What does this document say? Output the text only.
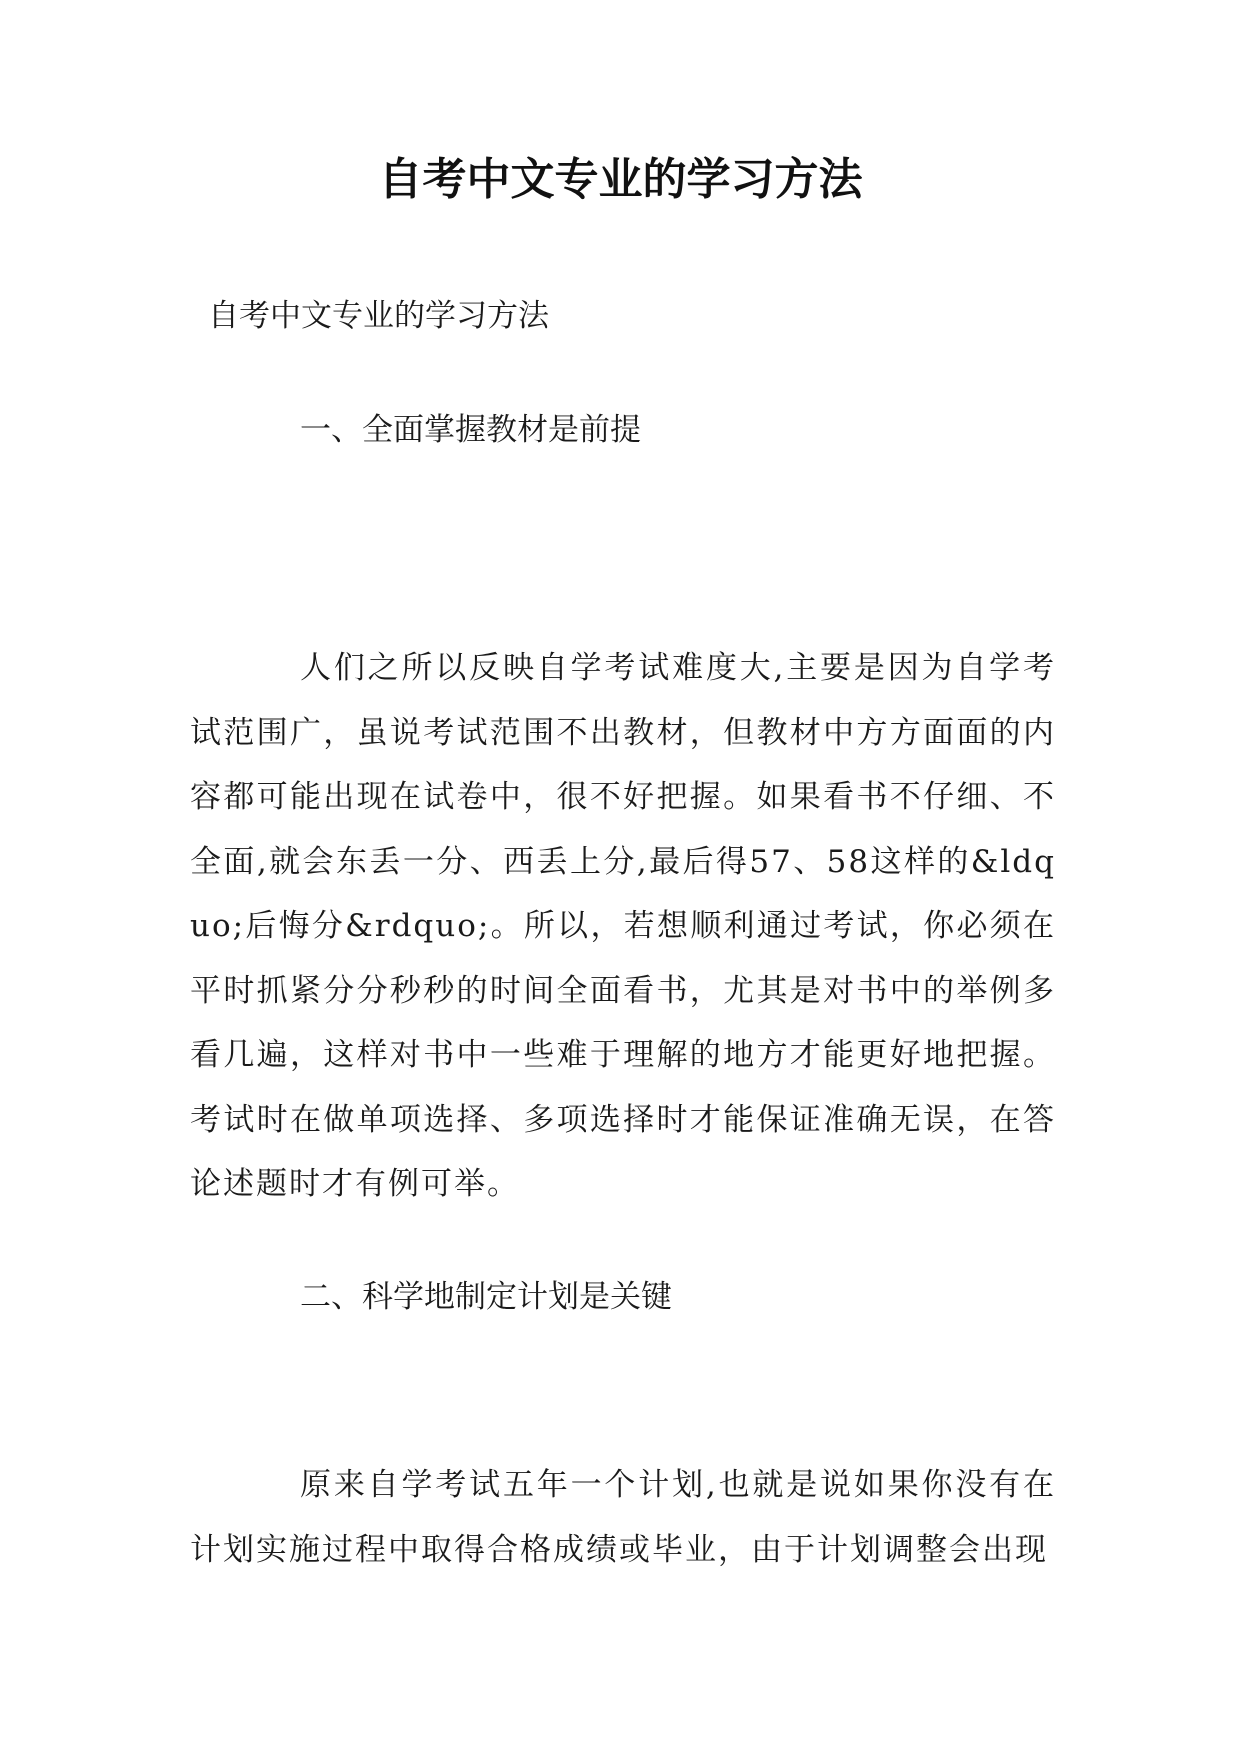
自考中文专业的学习方法

自考中文专业的学习方法

一、全面掌握教材是前提

人们之所以反映自学考试难度大,主要是因为自学考试范围广，虽说考试范围不出教材，但教材中方方面面的内容都可能出现在试卷中，很不好把握。如果看书不仔细、不全面,就会东丢一分、西丢上分,最后得57、58这样的&ldquo;后悔分&rdquo;。所以，若想顺利通过考试，你必须在平时抓紧分分秒秒的时间全面看书，尤其是对书中的举例多看几遍，这样对书中一些难于理解的地方才能更好地把握。考试时在做单项选择、多项选择时才能保证准确无误，在答论述题时才有例可举。

二、科学地制定计划是关键

原来自学考试五年一个计划,也就是说如果你没有在计划实施过程中取得合格成绩或毕业，由于计划调整会出现
